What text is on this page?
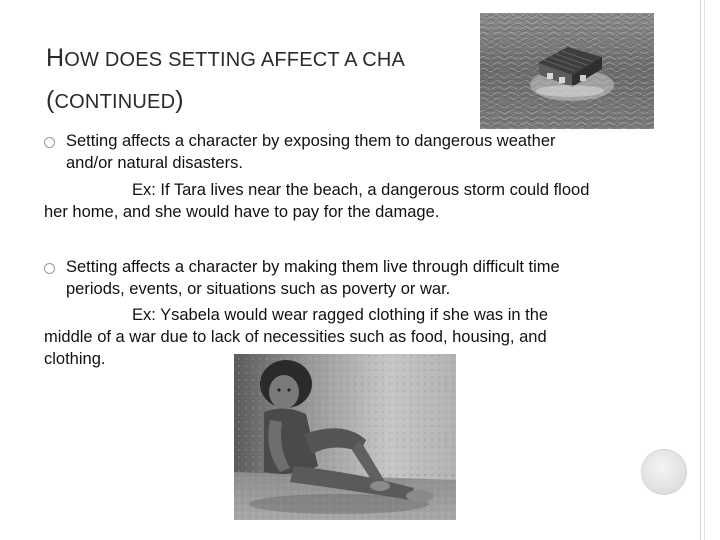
HOW DOES SETTING AFFECT A CHA
(CONTINUED)
Setting affects a character by exposing them to dangerous weather
and/or natural disasters.
Ex: If Tara lives near the beach, a dangerous storm could flood
her home, and she would have to pay for the damage.
Setting affects a character by making them live through difficult time
periods, events, or situations such as poverty or war.
Ex: Ysabela would wear ragged clothing if she was in the
middle of a war due to lack of necessities such as food, housing, and
clothing.
